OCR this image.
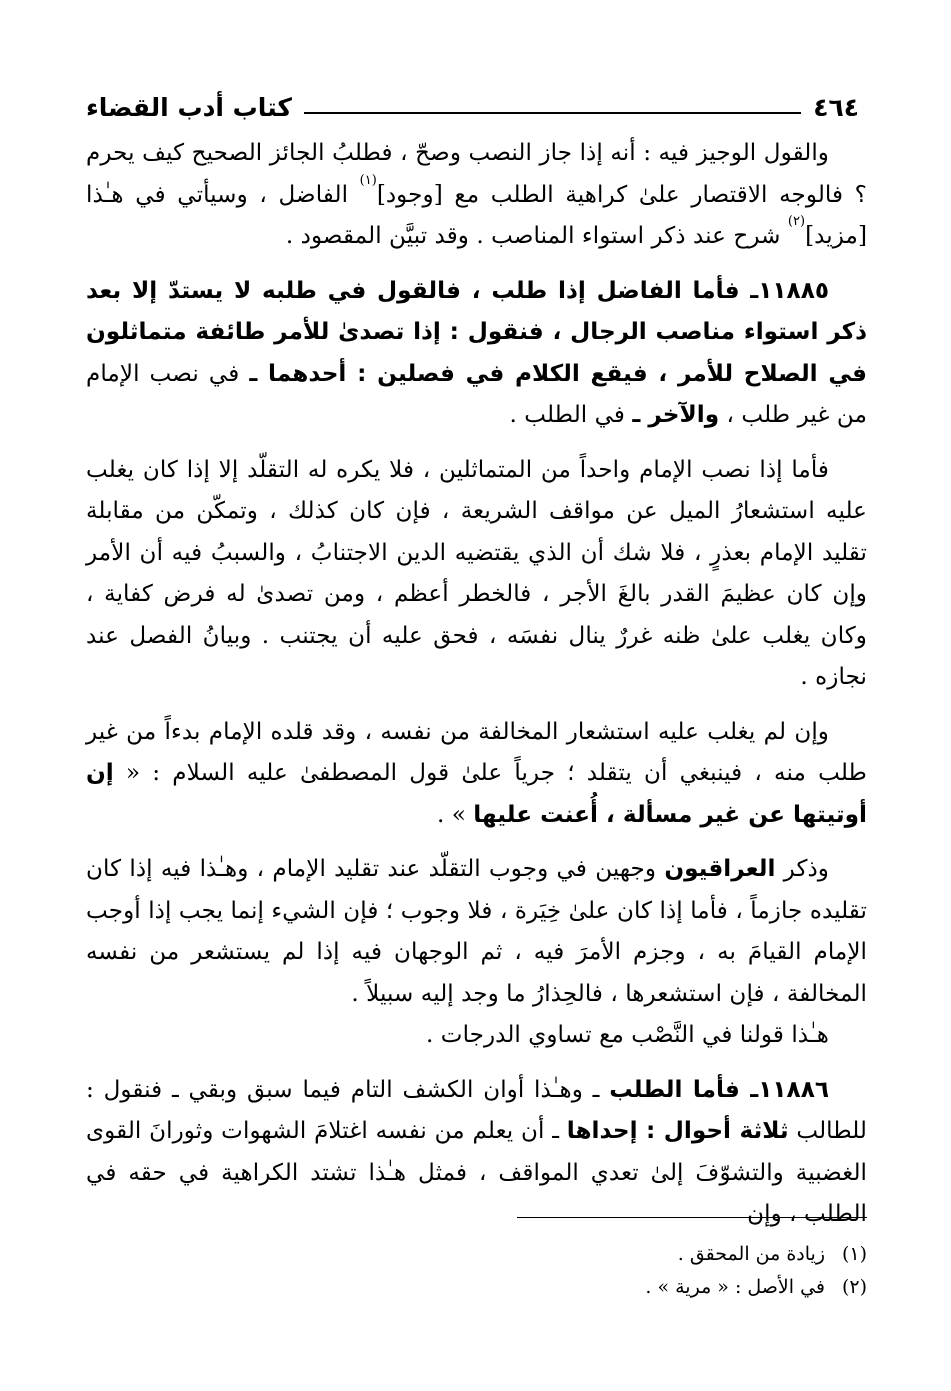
٤٦٤
كتاب أدب القضاء

والقول الوجيز فيه : أنه إذا جاز النصب وصحّ ، فطلبُ الجائز الصحيح كيف يحرم ؟ فالوجه الاقتصار علىٰ كراهية الطلب مع [وجود]$^{(١)}$ الفاضل ، وسيأتي في هـٰذا [مزيد]$^{(٢)}$ شرح عند ذكر استواء المناصب . وقد تبيَّن المقصود .

١١٨٨٥ـ فأما الفاضل إذا طلب ، فالقول في طلبه لا يستدّ إلا بعد ذكر استواء مناصب الرجال ، فنقول : إذا تصدىٰ للأمر طائفة متماثلون في الصلاح للأمر ، فيقع الكلام في فصلين : أحدهما ـ في نصب الإمام من غير طلب ، والآخر ـ في الطلب .

فأما إذا نصب الإمام واحداً من المتماثلين ، فلا يكره له التقلّد إلا إذا كان يغلب عليه استشعارُ الميل عن مواقف الشريعة ، فإن كان كذلك ، وتمكّن من مقابلة تقليد الإمام بعذرٍ ، فلا شك أن الذي يقتضيه الدين الاجتنابُ ، والسببُ فيه أن الأمر وإن كان عظيمَ القدر بالغَ الأجر ، فالخطر أعظم ، ومن تصدىٰ له فرض كفاية ، وكان يغلب علىٰ ظنه غررٌ ينال نفسَه ، فحق عليه أن يجتنب . وبيانُ الفصل عند نجازه .

وإن لم يغلب عليه استشعار المخالفة من نفسه ، وقد قلده الإمام بدءاً من غير طلب منه ، فينبغي أن يتقلد ؛ جرياً علىٰ قول المصطفىٰ عليه السلام : « إن أوتيتها عن غير مسألة ، أُعنت عليها » .

وذكر العراقيون وجهين في وجوب التقلّد عند تقليد الإمام ، وهـٰذا فيه إذا كان تقليده جازماً ، فأما إذا كان علىٰ خِيَرة ، فلا وجوب ؛ فإن الشيء إنما يجب إذا أوجب الإمام القيامَ به ، وجزم الأمرَ فيه ، ثم الوجهان فيه إذا لم يستشعر من نفسه المخالفة ، فإن استشعرها ، فالحِذارُ ما وجد إليه سبيلاً .

هـٰذا قولنا في النَّصْب مع تساوي الدرجات .

١١٨٨٦ـ فأما الطلب ـ وهـٰذا أوان الكشف التام فيما سبق وبقي ـ فنقول : للطالب ثلاثة أحوال : إحداها ـ أن يعلم من نفسه اغتلامَ الشهوات وثورانَ القوى الغضبية والتشوّفَ إلىٰ تعدي المواقف ، فمثل هـٰذا تشتد الكراهية في حقه في الطلب ، وإن

(١)زيادة من المحقق .
(٢)في الأصل : « مرية » .
